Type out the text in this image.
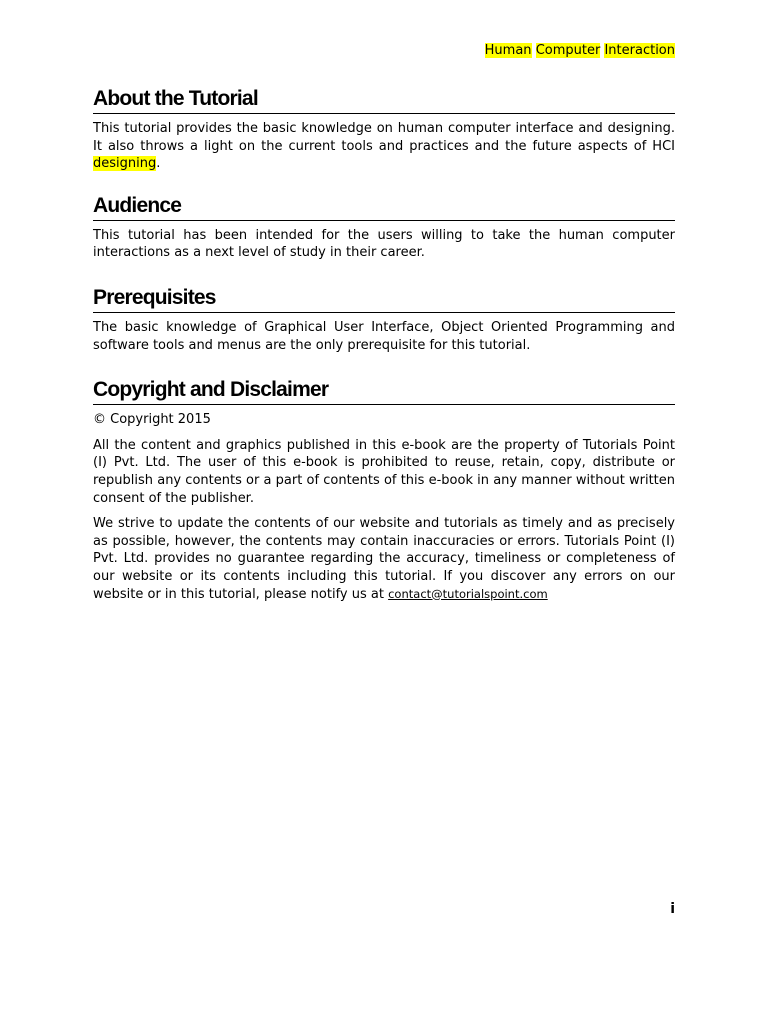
Human Computer Interaction
About the Tutorial

This tutorial provides the basic knowledge on human computer interface and designing. It also throws a light on the current tools and practices and the future aspects of HCI designing.

Audience

This tutorial has been intended for the users willing to take the human computer interactions as a next level of study in their career.

Prerequisites

The basic knowledge of Graphical User Interface, Object Oriented Programming and software tools and menus are the only prerequisite for this tutorial.

Copyright and Disclaimer

© Copyright 2015

All the content and graphics published in this e-book are the property of Tutorials Point (I) Pvt. Ltd. The user of this e-book is prohibited to reuse, retain, copy, distribute or republish any contents or a part of contents of this e-book in any manner without written consent of the publisher.

We strive to update the contents of our website and tutorials as timely and as precisely as possible, however, the contents may contain inaccuracies or errors. Tutorials Point (I) Pvt. Ltd. provides no guarantee regarding the accuracy, timeliness or completeness of our website or its contents including this tutorial. If you discover any errors on our website or in this tutorial, please notify us at contact@tutorialspoint.com

i
